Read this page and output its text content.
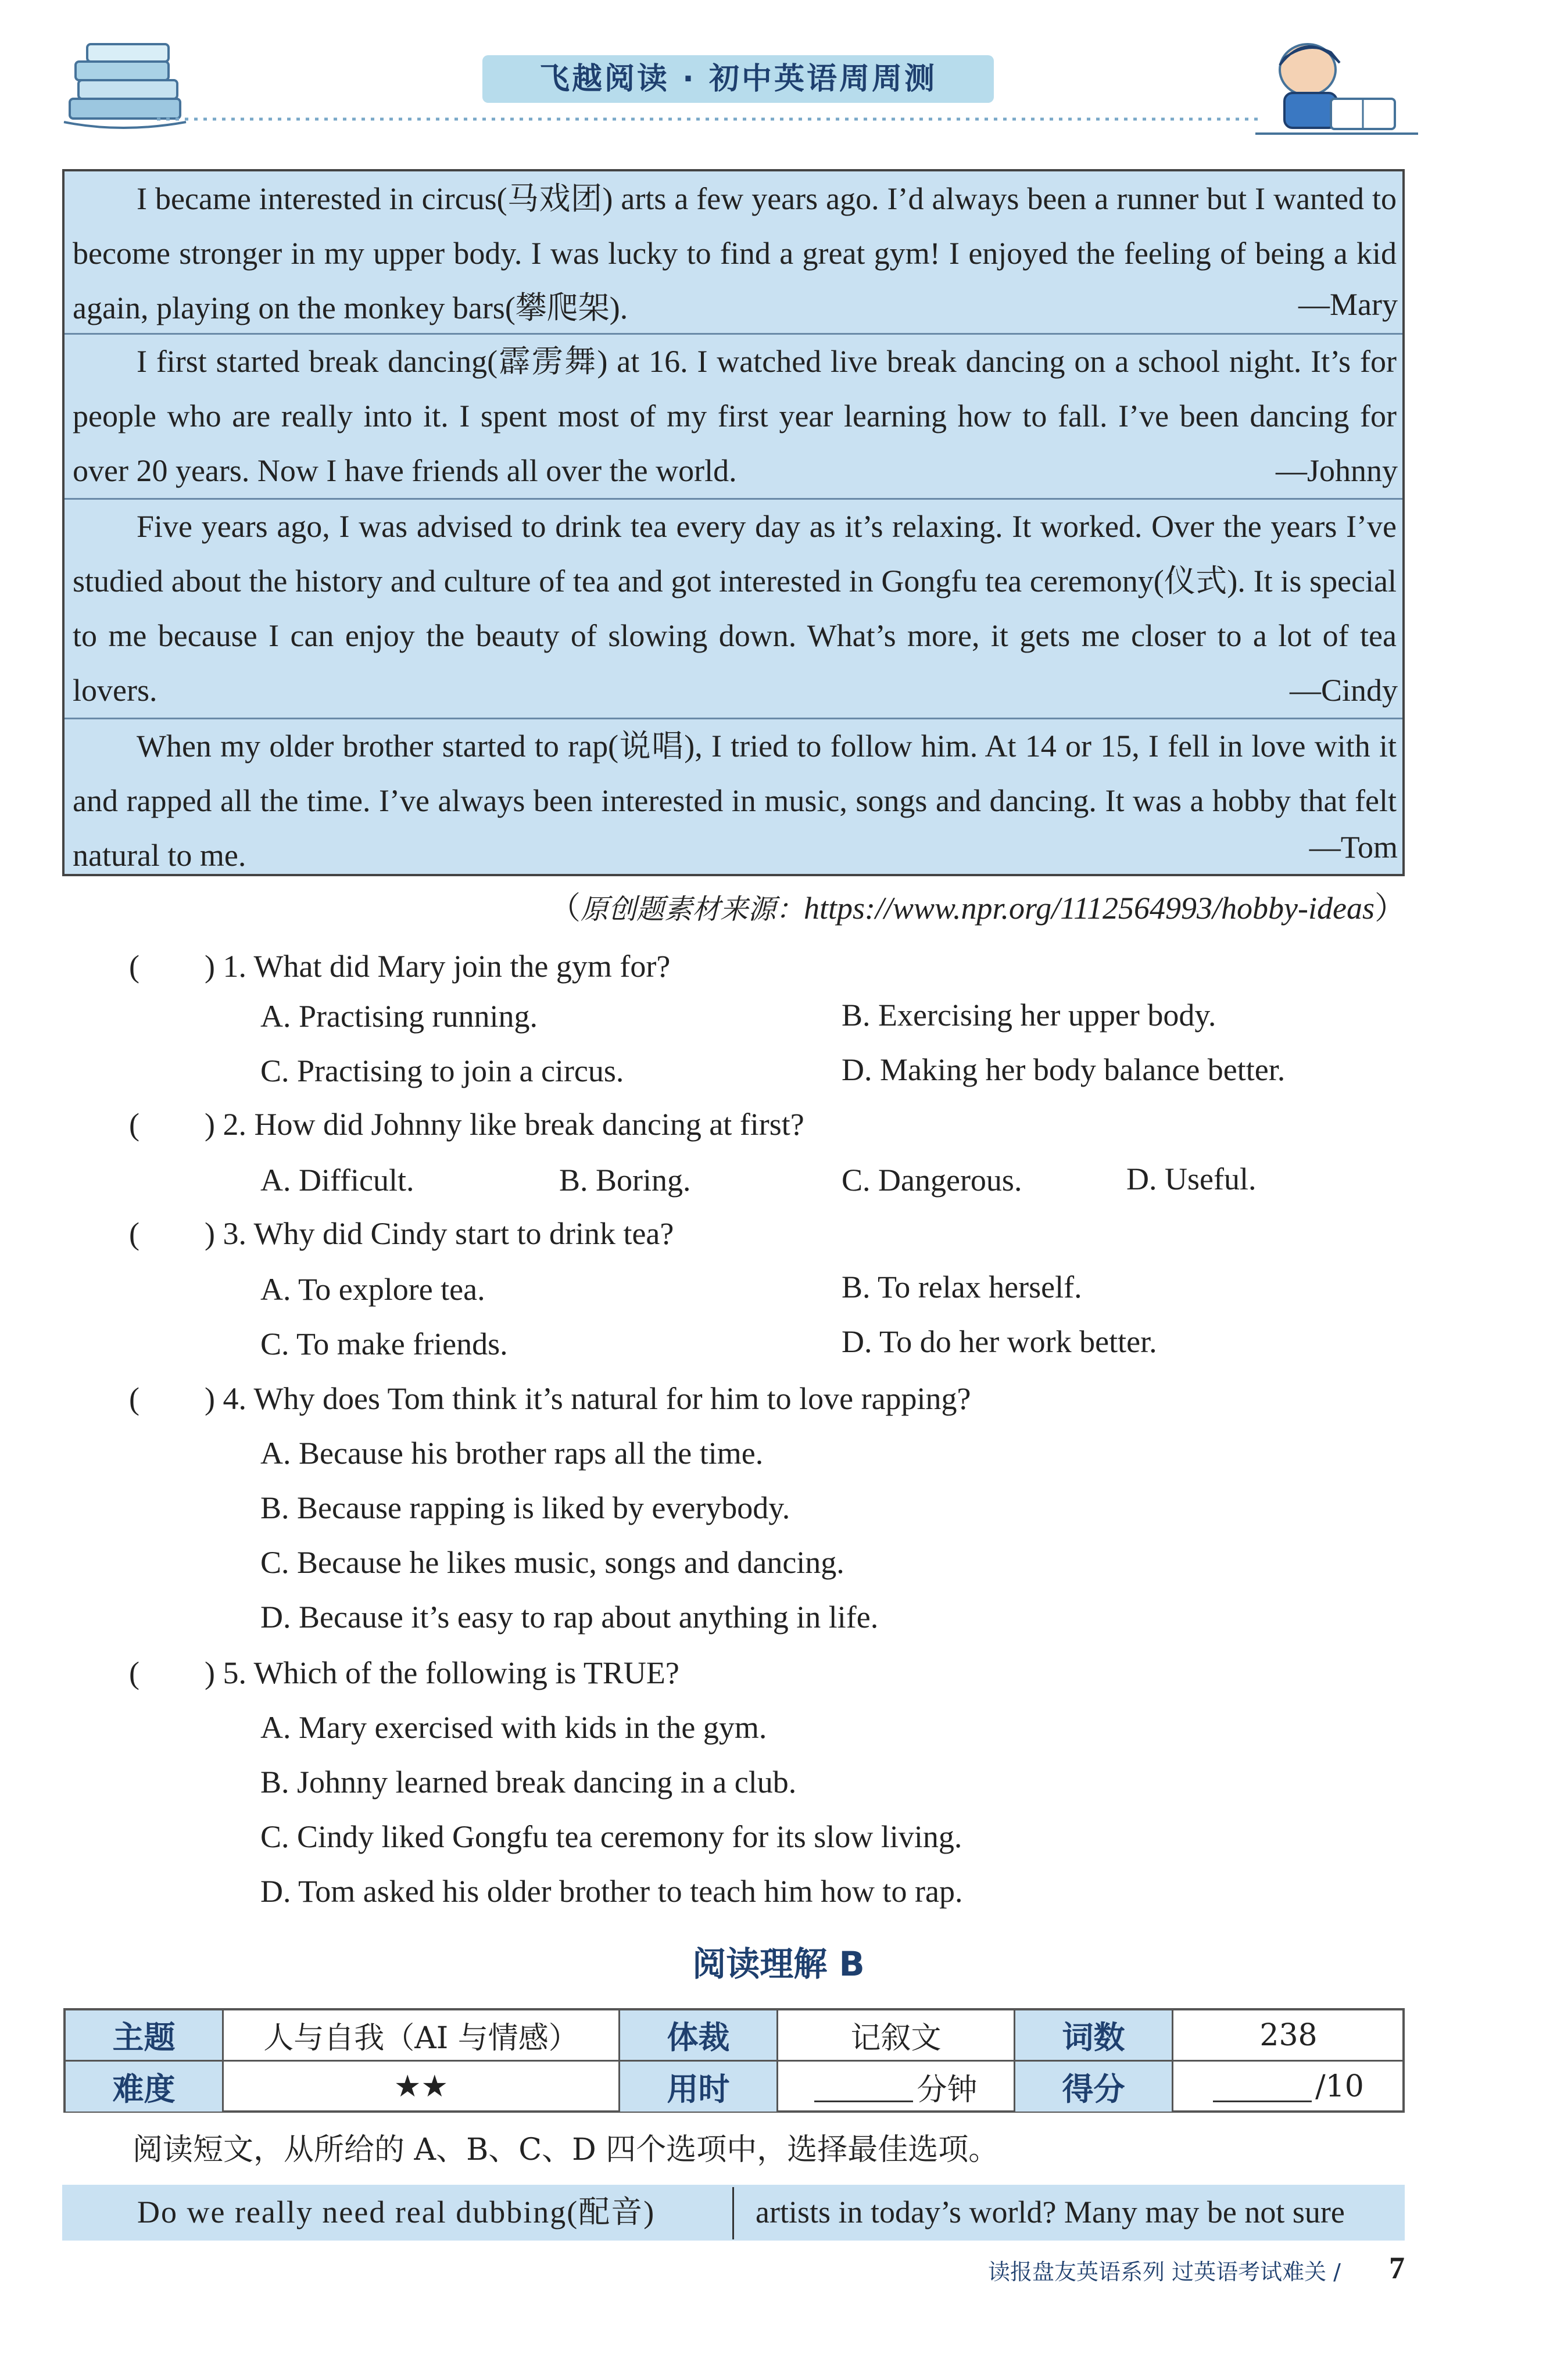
飞越阅读 · 初中英语周周测

I became interested in circus(马戏团) arts a few years ago. I’d always been a runner but I wanted to become stronger in my upper body. I was lucky to find a great gym! I enjoyed the feeling of being a kid again, playing on the monkey bars(攀爬架).	—Mary

I first started break dancing(霹雳舞) at 16. I watched live break dancing on a school night. It’s for people who are really into it. I spent most of my first year learning how to fall. I’ve been dancing for over 20 years. Now I have friends all over the world.	—Johnny

Five years ago, I was advised to drink tea every day as it’s relaxing. It worked. Over the years I’ve studied about the history and culture of tea and got interested in Gongfu tea ceremony(仪式). It is special to me because I can enjoy the beauty of slowing down. What’s more, it gets me closer to a lot of tea lovers.	—Cindy

When my older brother started to rap(说唱), I tried to follow him. At 14 or 15, I fell in love with it and rapped all the time. I’ve always been interested in music, songs and dancing. It was a hobby that felt natural to me.	—Tom
（原创题素材来源：https://www.npr.org/1112564993/hobby-ideas）
( ) 1. What did Mary join the gym for?
A. Practising running.	B. Exercising her upper body.
C. Practising to join a circus.	D. Making her body balance better.
( ) 2. How did Johnny like break dancing at first?
A. Difficult.	B. Boring.	C. Dangerous.	D. Useful.
( ) 3. Why did Cindy start to drink tea?
A. To explore tea.	B. To relax herself.
C. To make friends.	D. To do her work better.
( ) 4. Why does Tom think it’s natural for him to love rapping?
A. Because his brother raps all the time.
B. Because rapping is liked by everybody.
C. Because he likes music, songs and dancing.
D. Because it’s easy to rap about anything in life.
( ) 5. Which of the following is TRUE?
A. Mary exercised with kids in the gym.
B. Johnny learned break dancing in a club.
C. Cindy liked Gongfu tea ceremony for its slow living.
D. Tom asked his older brother to teach him how to rap.
阅读理解 B
主题	人与自我（AI 与情感）	体裁	记叙文	词数	238
难度	★★	用时	分钟	得分	/10
阅读短文，从所给的 A、B、C、D 四个选项中，选择最佳选项。
Do we really need real dubbing(配音)	artists in today’s world? Many may be not sure
读报盘友英语系列 过英语考试难关 / 7
